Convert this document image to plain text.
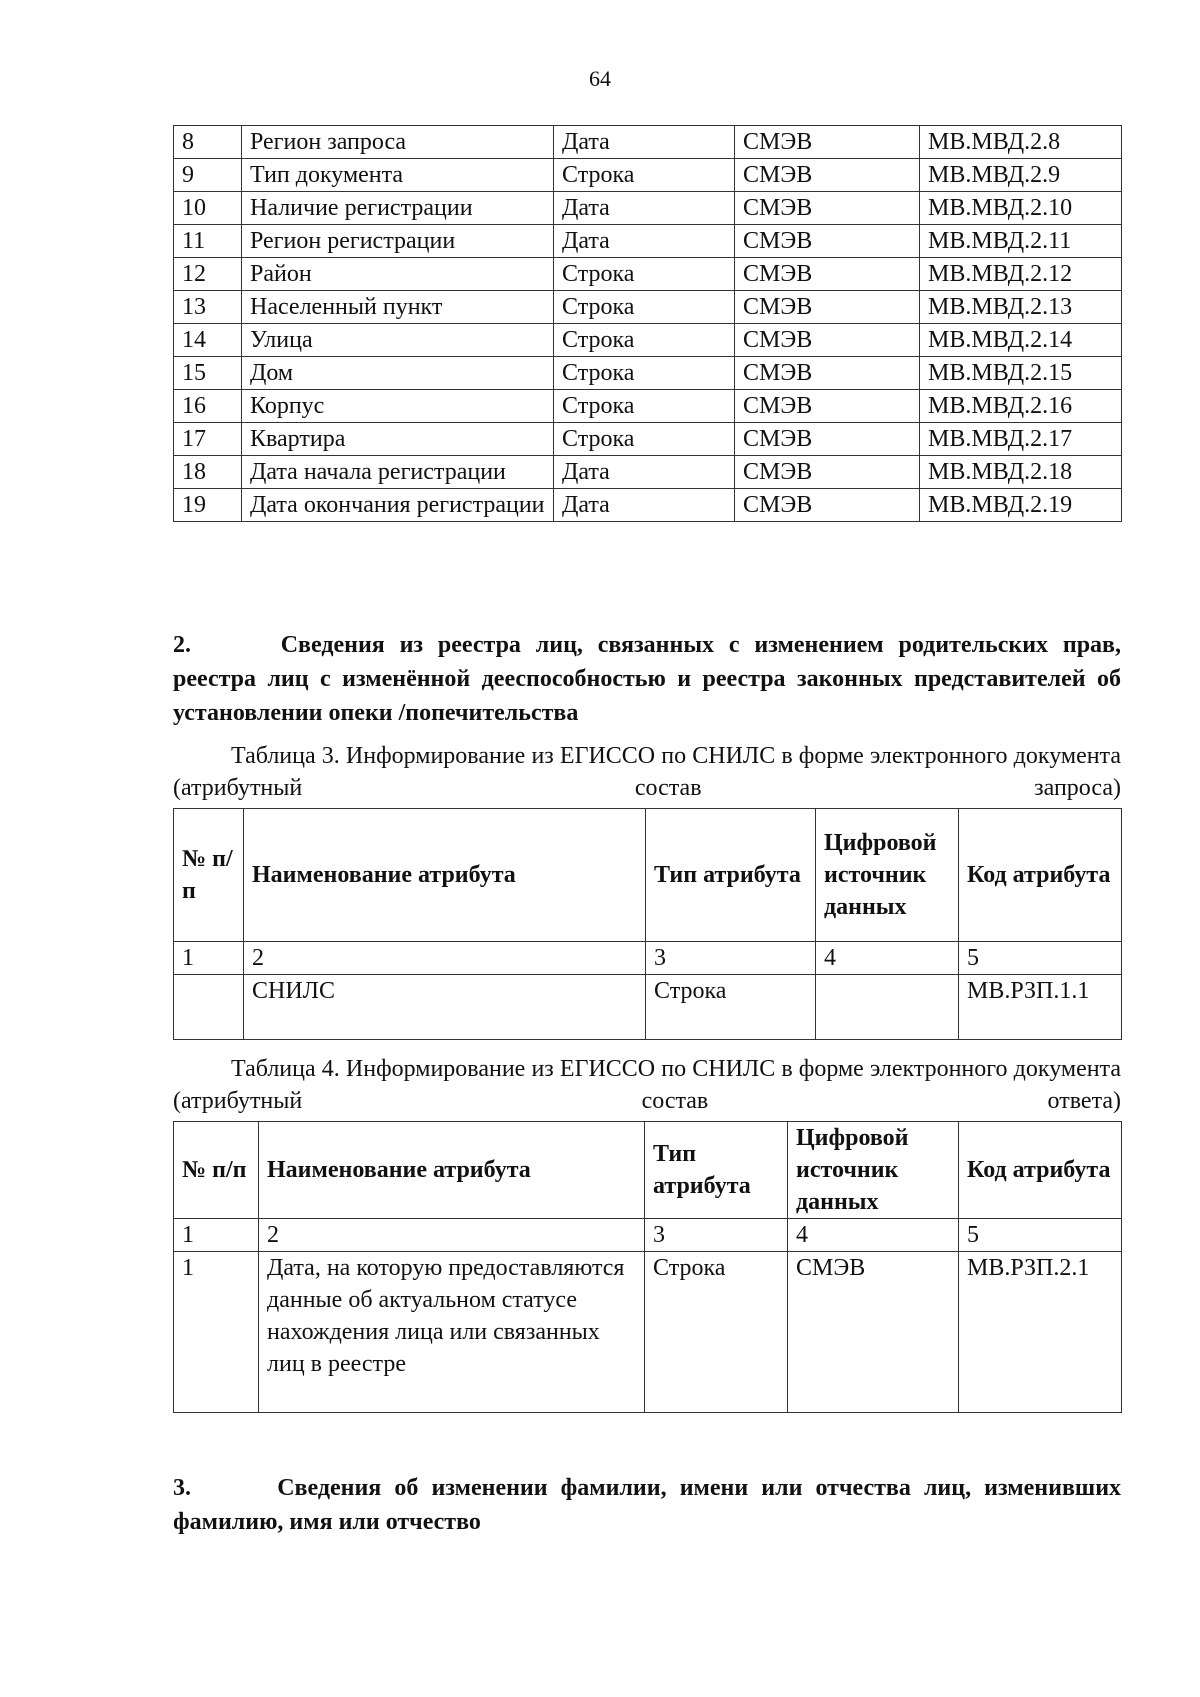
64
8	Регион запроса	Дата	СМЭВ	МВ.МВД.2.8
9	Тип документа	Строка	СМЭВ	МВ.МВД.2.9
10	Наличие регистрации	Дата	СМЭВ	МВ.МВД.2.10
11	Регион регистрации	Дата	СМЭВ	МВ.МВД.2.11
12	Район	Строка	СМЭВ	МВ.МВД.2.12
13	Населенный пункт	Строка	СМЭВ	МВ.МВД.2.13
14	Улица	Строка	СМЭВ	МВ.МВД.2.14
15	Дом	Строка	СМЭВ	МВ.МВД.2.15
16	Корпус	Строка	СМЭВ	МВ.МВД.2.16
17	Квартира	Строка	СМЭВ	МВ.МВД.2.17
18	Дата начала регистрации	Дата	СМЭВ	МВ.МВД.2.18
19	Дата окончания регистрации	Дата	СМЭВ	МВ.МВД.2.19
2.	Сведения из реестра лиц, связанных с изменением родительских прав, реестра лиц с изменённой дееспособностью и реестра законных представителей об установлении опеки /попечительства
Таблица 3. Информирование из ЕГИССО по СНИЛС в форме электронного документа (атрибутный состав запроса)
№ п/п	Наименование атрибута	Тип атрибута	Цифровой источник данных	Код атрибута
1	2	3	4	5
	СНИЛС	Строка		МВ.РЗП.1.1
Таблица 4. Информирование из ЕГИССО по СНИЛС в форме электронного документа (атрибутный состав ответа)
№ п/п	Наименование атрибута	Тип атрибута	Цифровой источник данных	Код атрибута
1	2	3	4	5
1	Дата, на которую предоставляются данные об актуальном статусе нахождения лица или связанных лиц в реестре	Строка	СМЭВ	МВ.РЗП.2.1
3.	Сведения об изменении фамилии, имени или отчества лиц, изменивших фамилию, имя или отчество
